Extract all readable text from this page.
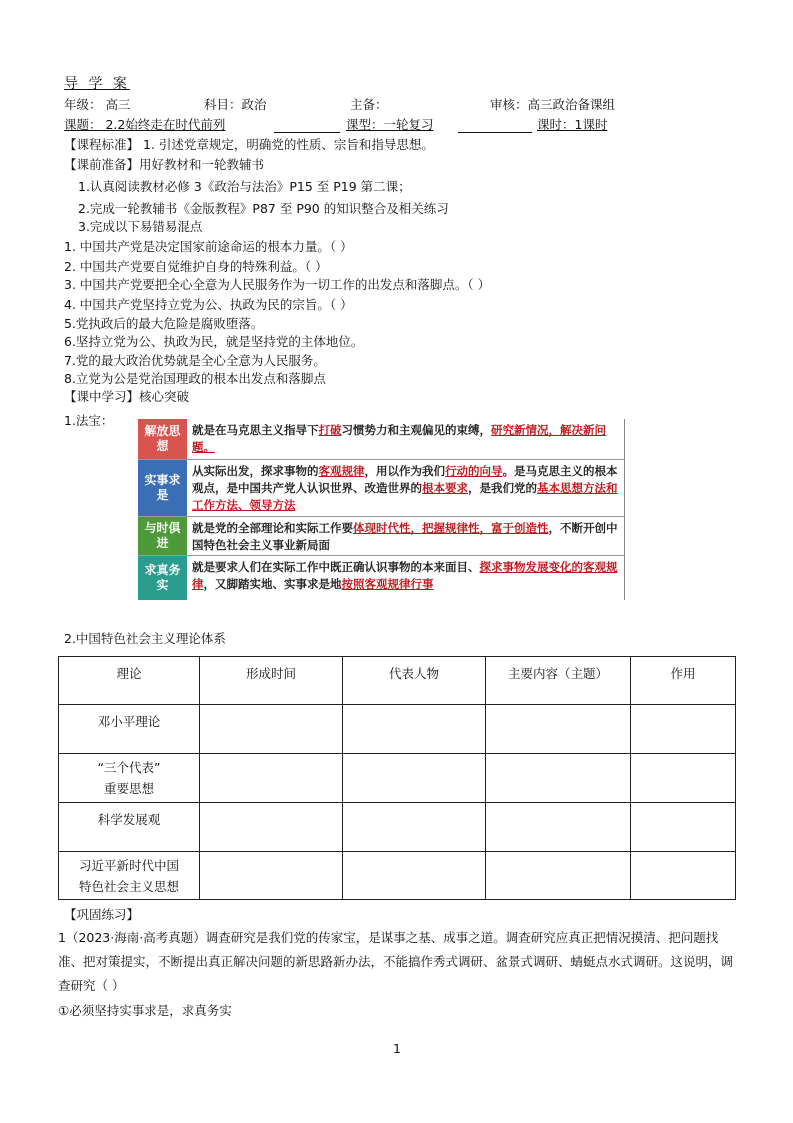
导 学 案
年级： 高三	科目：政治	主备：	审核：高三政治备课组
课题： 2.2始终走在时代前列	课型：一轮复习	课时：1课时
【课程标准】 1. 引述党章规定，明确党的性质、宗旨和指导思想。
【课前准备】用好教材和一轮教辅书
1.认真阅读教材必修 3《政治与法治》P15 至 P19 第二课；
2.完成一轮教辅书《金版教程》P87 至 P90 的知识整合及相关练习
3.完成以下易错易混点
1. 中国共产党是决定国家前途命运的根本力量。（ ）
2. 中国共产党要自觉维护自身的特殊利益。（ ）
3. 中国共产党要把全心全意为人民服务作为一切工作的出发点和落脚点。（ ）
4. 中国共产党坚持立党为公、执政为民的宗旨。（ ）
5.党执政后的最大危险是腐败堕落。
6.坚持立党为公、执政为民，就是坚持党的主体地位。
7.党的最大政治优势就是全心全意为人民服务。
8.立党为公是党治国理政的根本出发点和落脚点
【课中学习】核心突破
1.法宝：
解放思想
就是在马克思主义指导下打破习惯势力和主观偏见的束缚，研究新情况，解决新问题。
实事求是
从实际出发，探求事物的客观规律，用以作为我们行动的向导。是马克思主义的根本观点，是中国共产党人认识世界、改造世界的根本要求，是我们党的基本思想方法和工作方法、领导方法
与时俱进
就是党的全部理论和实际工作要体现时代性，把握规律性，富于创造性，不断开创中国特色社会主义事业新局面
求真务实
就是要求人们在实际工作中既正确认识事物的本来面目、探求事物发展变化的客观规律，又脚踏实地、实事求是地按照客观规律行事
2.中国特色社会主义理论体系
理论	形成时间	代表人物	主要内容（主题）	作用
邓小平理论				
“三个代表”
重要思想				
科学发展观				
习近平新时代中国
特色社会主义思想				
【巩固练习】
1（2023·海南·高考真题）调查研究是我们党的传家宝，是谋事之基、成事之道。调查研究应真正把情况摸清、把问题找准、把对策提实，不断提出真正解决问题的新思路新办法，不能搞作秀式调研、盆景式调研、蜻蜓点水式调研。这说明，调查研究（ ）
①必须坚持实事求是，求真务实
1
